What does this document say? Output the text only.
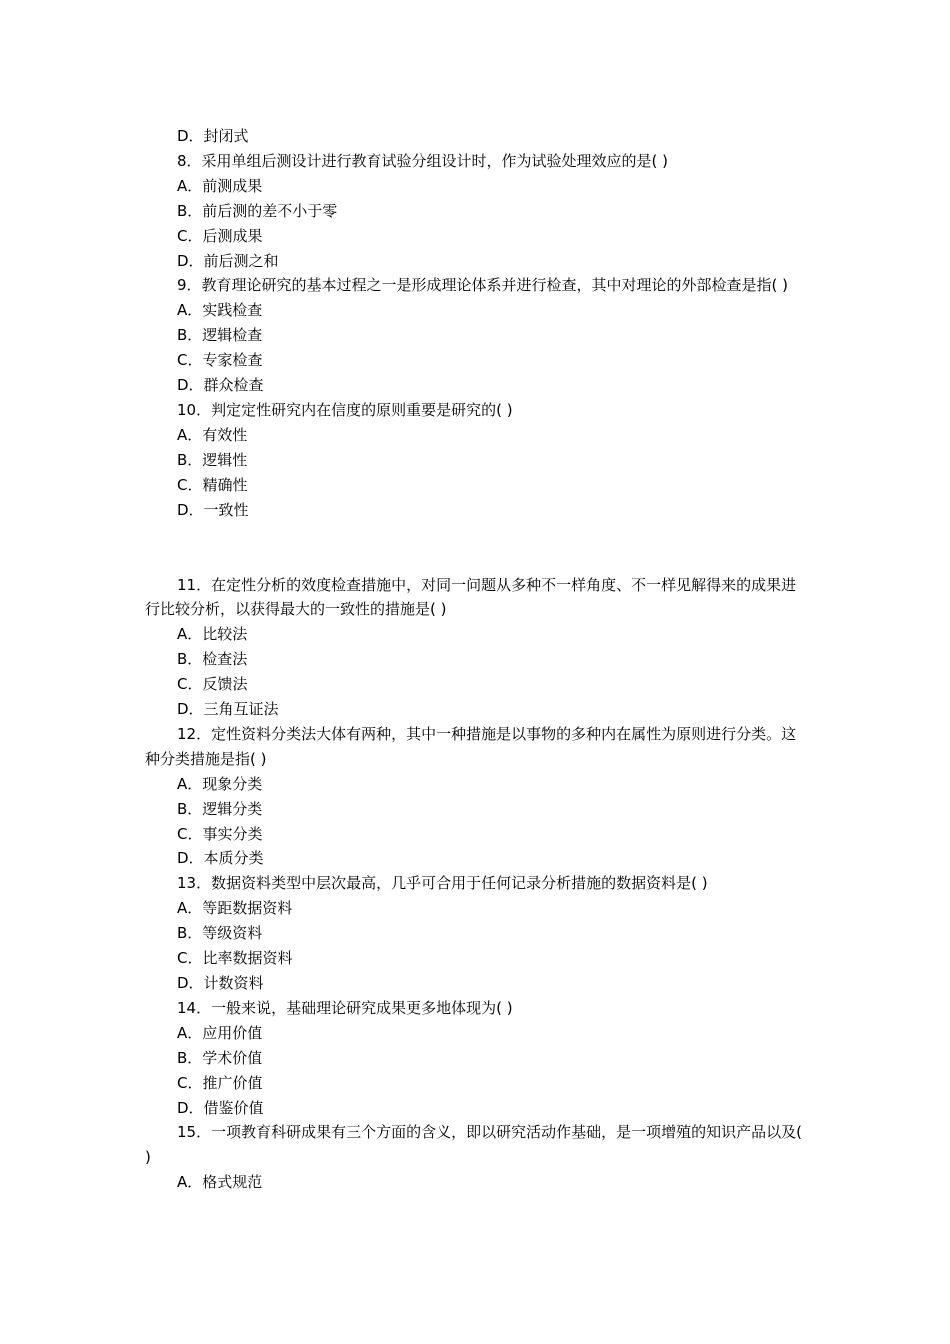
D．封闭式
8．采用单组后测设计进行教育试验分组设计时，作为试验处理效应的是( )
A．前测成果
B．前后测的差不小于零
C．后测成果
D．前后测之和
9．教育理论研究的基本过程之一是形成理论体系并进行检查，其中对理论的外部检查是指( )
A．实践检查
B．逻辑检查
C．专家检查
D．群众检查
10．判定定性研究内在信度的原则重要是研究的( )
A．有效性
B．逻辑性
C．精确性
D．一致性
11．在定性分析的效度检查措施中，对同一问题从多种不一样角度、不一样见解得来的成果进行比较分析，以获得最大的一致性的措施是( )
A．比较法
B．检查法
C．反馈法
D．三角互证法
12．定性资料分类法大体有两种，其中一种措施是以事物的多种内在属性为原则进行分类。这种分类措施是指( )
A．现象分类
B．逻辑分类
C．事实分类
D．本质分类
13．数据资料类型中层次最高，几乎可合用于任何记录分析措施的数据资料是( )
A．等距数据资料
B．等级资料
C．比率数据资料
D．计数资料
14．一般来说，基础理论研究成果更多地体现为( )
A．应用价值
B．学术价值
C．推广价值
D．借鉴价值
15．一项教育科研成果有三个方面的含义，即以研究活动作基础，是一项增殖的知识产品以及( )
A．格式规范
